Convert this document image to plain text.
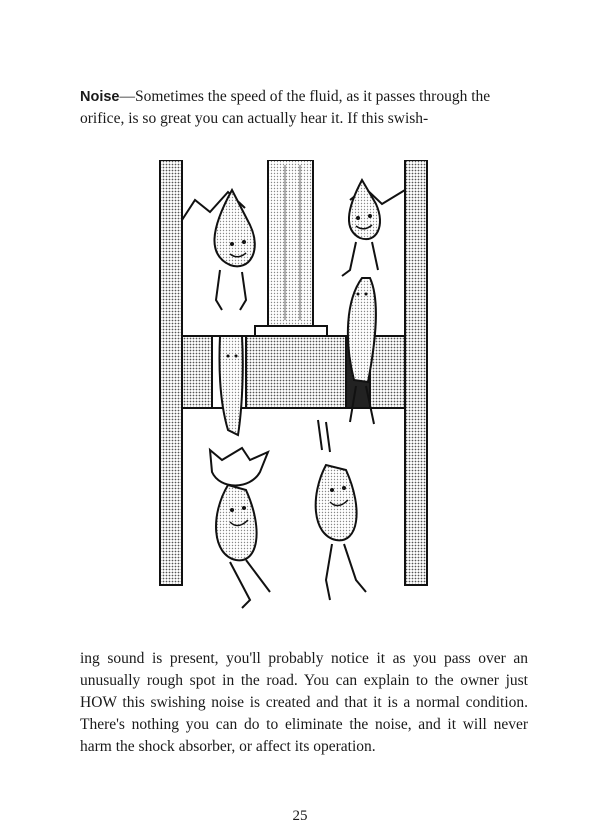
Noise—Sometimes the speed of the fluid, as it passes through the orifice, is so great you can actually hear it. If this swish-

ing sound is present, you'll probably notice it as you pass over an unusually rough spot in the road. You can explain to the owner just HOW this swishing noise is created and that it is a normal condition. There's nothing you can do to eliminate the noise, and it will never harm the shock absorber, or affect its operation.

25
